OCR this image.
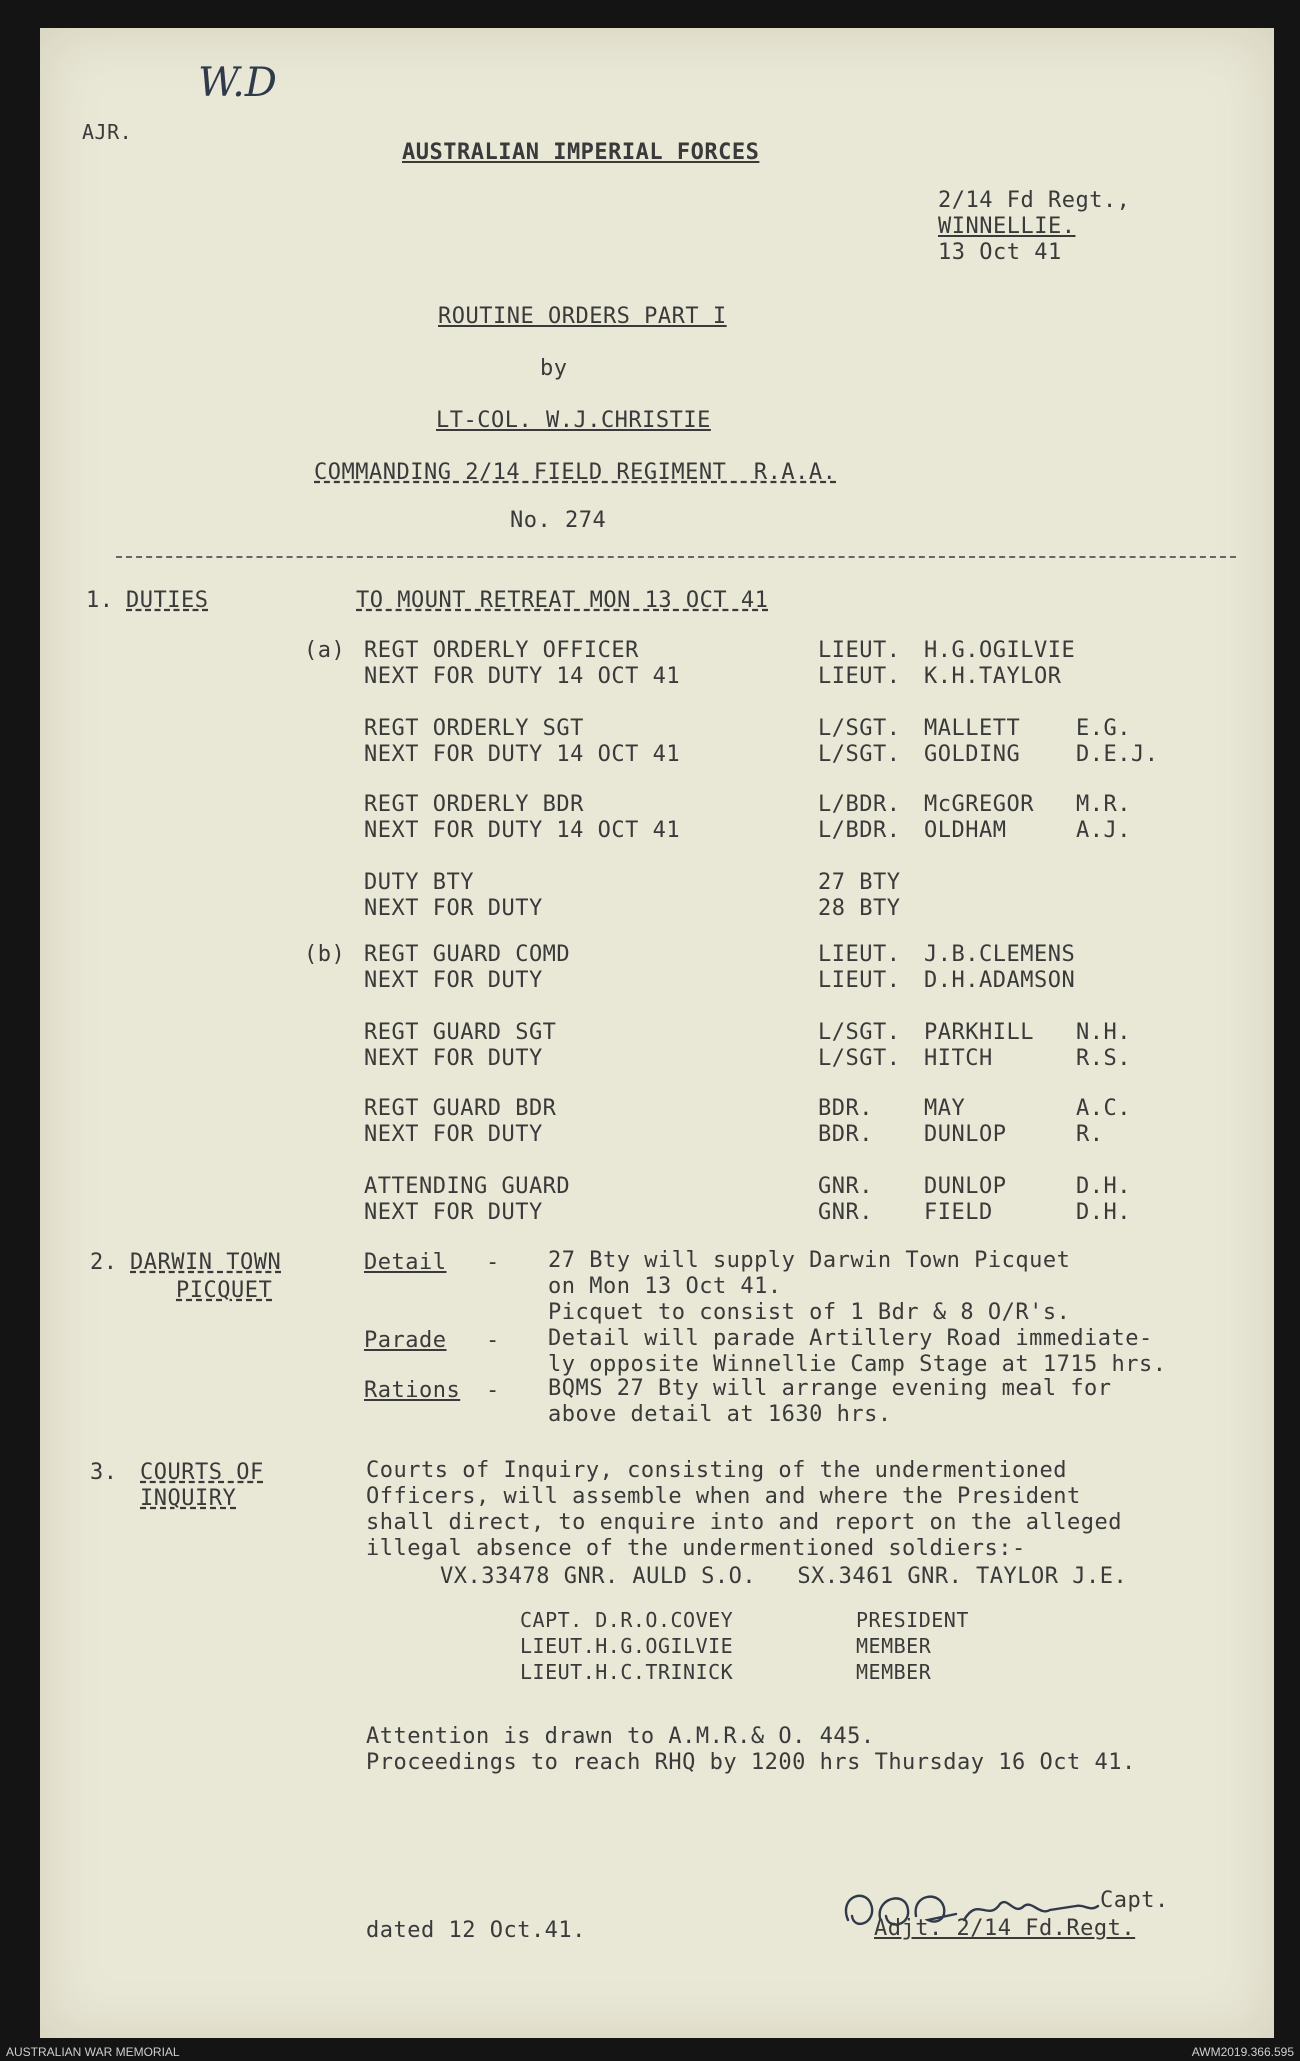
W.D
AJR.
AUSTRALIAN IMPERIAL FORCES
2/14 Fd Regt.,
WINNELLIE.
13 Oct 41
ROUTINE ORDERS PART I
by
LT-COL. W.J.CHRISTIE
COMMANDING 2/14 FIELD REGIMENT  R.A.A.
No. 274
1. DUTIES	TO MOUNT RETREAT MON 13 OCT 41
(a)
(b)
REGT ORDERLY OFFICER	LIEUT. H.G.OGILVIE
NEXT FOR DUTY 14 OCT 41	LIEUT. K.H.TAYLOR
REGT ORDERLY SGT	L/SGT. MALLETT	E.G.
NEXT FOR DUTY 14 OCT 41	L/SGT. GOLDING	D.E.J.
REGT ORDERLY BDR	L/BDR. McGREGOR M.R.
NEXT FOR DUTY 14 OCT 41	L/BDR. OLDHAM	A.J.
DUTY BTY	27 BTY
NEXT FOR DUTY	28 BTY
REGT GUARD COMD	LIEUT. J.B.CLEMENS
NEXT FOR DUTY	LIEUT. D.H.ADAMSON
REGT GUARD SGT	L/SGT. PARKHILL N.H.
NEXT FOR DUTY	L/SGT. HITCH	R.S.
REGT GUARD BDR	BDR. MAY	A.C.
NEXT FOR DUTY	BDR. DUNLOP	R.
ATTENDING GUARD	GNR. DUNLOP	D.H.
NEXT FOR DUTY	GNR. FIELD	D.H.
2. DARWIN TOWN
PICQUET
Detail - 27 Bty will supply Darwin Town Picquet
on Mon 13 Oct 41.
Picquet to consist of 1 Bdr & 8 O/R's.
Parade - Detail will parade Artillery Road immediate-
ly opposite Winnellie Camp Stage at 1715 hrs.
Rations - BQMS 27 Bty will arrange evening meal for
above detail at 1630 hrs.
3. COURTS OF
INQUIRY
Courts of Inquiry, consisting of the undermentioned
Officers, will assemble when and where the President
shall direct, to enquire into and report on the alleged
illegal absence of the undermentioned soldiers:-
VX.33478 GNR. AULD S.O.   SX.3461 GNR. TAYLOR J.E.
CAPT. D.R.O.COVEY	PRESIDENT
LIEUT.H.G.OGILVIE	MEMBER
LIEUT.H.C.TRINICK	MEMBER
Attention is drawn to A.M.R.& O. 445.
Proceedings to reach RHQ by 1200 hrs Thursday 16 Oct 41.

dated 12 Oct.41.
Capt.
Adjt. 2/14 Fd.Regt.
AUSTRALIAN WAR MEMORIAL	AWM2019.366.595
